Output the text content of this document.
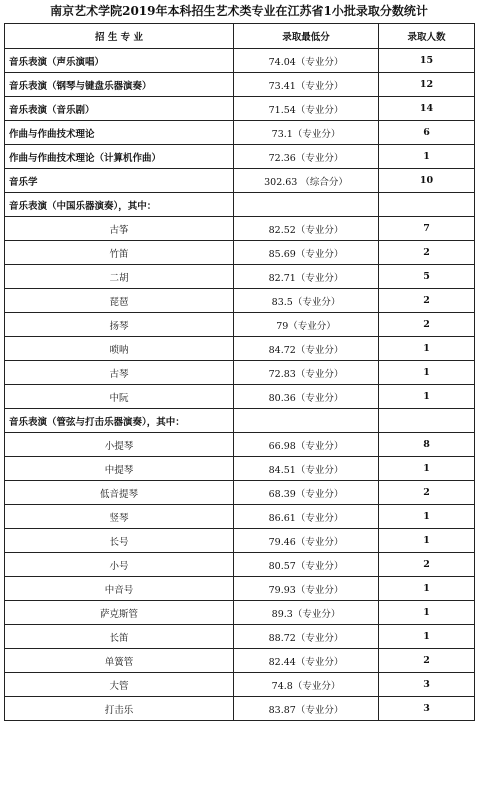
南京艺术学院2019年本科招生艺术类专业在江苏省1小批录取分数统计
招 生 专 业	录取最低分	录取人数
音乐表演（声乐演唱）	74.04（专业分）	15
音乐表演（钢琴与键盘乐器演奏）	73.41（专业分）	12
音乐表演（音乐剧）	71.54（专业分）	14
作曲与作曲技术理论	73.1（专业分）	6
作曲与作曲技术理论（计算机作曲）	72.36（专业分）	1
音乐学	302.63 （综合分）	10
音乐表演（中国乐器演奏），其中：		
古筝	82.52（专业分）	7
竹笛	85.69（专业分）	2
二胡	82.71（专业分）	5
琵琶	83.5（专业分）	2
扬琴	79（专业分）	2
唢呐	84.72（专业分）	1
古琴	72.83（专业分）	1
中阮	80.36（专业分）	1
音乐表演（管弦与打击乐器演奏），其中：		
小提琴	66.98（专业分）	8
中提琴	84.51（专业分）	1
低音提琴	68.39（专业分）	2
竖琴	86.61（专业分）	1
长号	79.46（专业分）	1
小号	80.57（专业分）	2
中音号	79.93（专业分）	1
萨克斯管	89.3（专业分）	1
长笛	88.72（专业分）	1
单簧管	82.44（专业分）	2
大管	74.8（专业分）	3
打击乐	83.87（专业分）	3
